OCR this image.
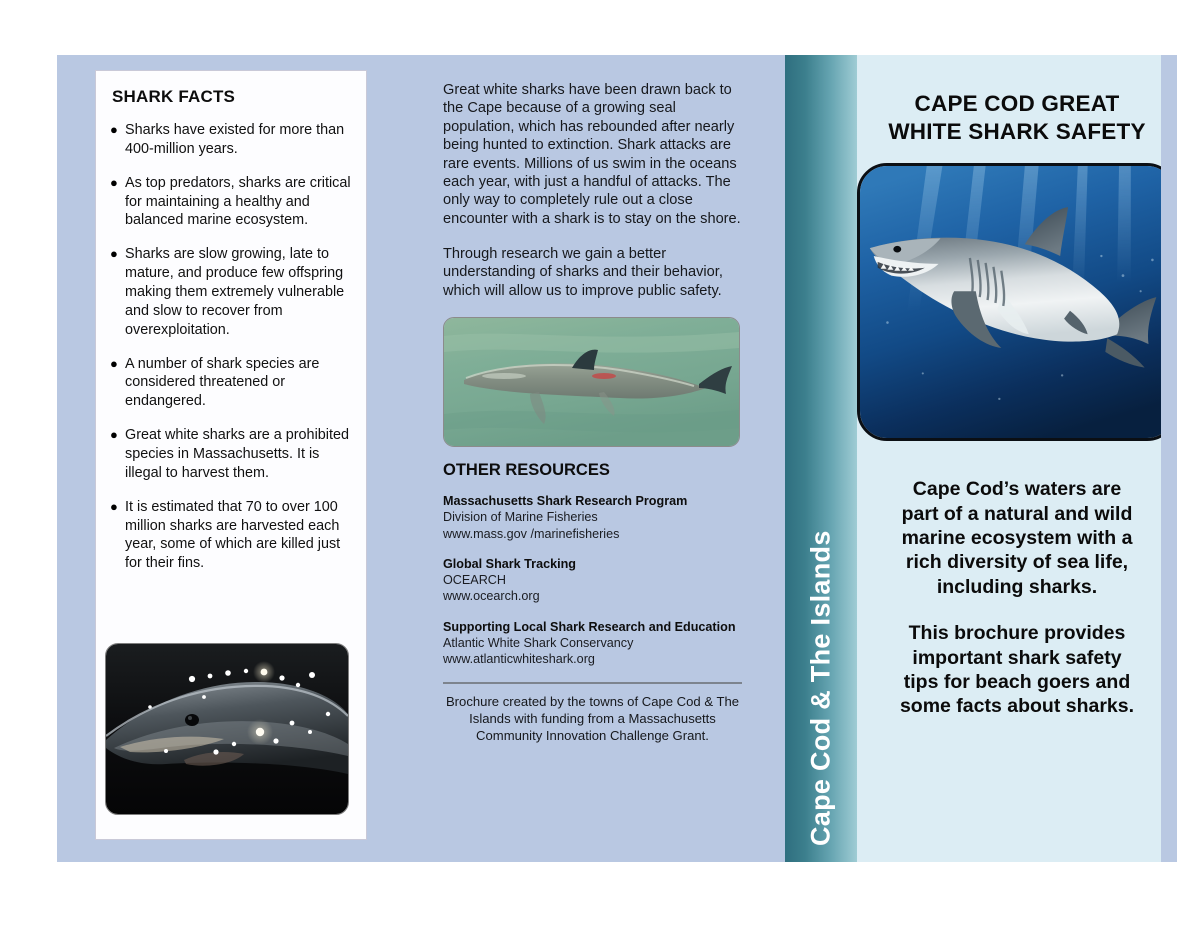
SHARK FACTS
● Sharks have existed for more than 400-million years.
● As top predators, sharks are critical for maintaining a healthy and balanced marine ecosystem.
● Sharks are slow growing, late to mature, and produce few offspring making them extremely vulnerable and slow to recover from overexploitation.
● A number of shark species are considered threatened or endangered.
● Great white sharks are a prohibited species in Massachusetts. It is illegal to harvest them.
● It is estimated that 70 to over 100 million sharks are harvested each year, some of which are killed just for their fins.

Great white sharks have been drawn back to the Cape because of a growing seal population, which has rebounded after nearly being hunted to extinction. Shark attacks are rare events. Millions of us swim in the oceans each year, with just a handful of attacks. The only way to completely rule out a close encounter with a shark is to stay on the shore.

Through research we gain a better understanding of sharks and their behavior, which will allow us to improve public safety.

OTHER RESOURCES
Massachusetts Shark Research Program
Division of Marine Fisheries
www.mass.gov /marinefisheries
Global Shark Tracking
OCEARCH
www.ocearch.org
Supporting Local Shark Research and Education
Atlantic White Shark Conservancy
www.atlanticwhiteshark.org
Brochure created by the towns of Cape Cod & The Islands with funding from a Massachusetts Community Innovation Challenge Grant.	Cape Cod & The Islands
CAPE COD GREAT
WHITE SHARK SAFETY

Cape Cod’s waters are part of a natural and wild marine ecosystem with a rich diversity of sea life, including sharks.

This brochure provides important shark safety tips for beach goers and some facts about sharks.
